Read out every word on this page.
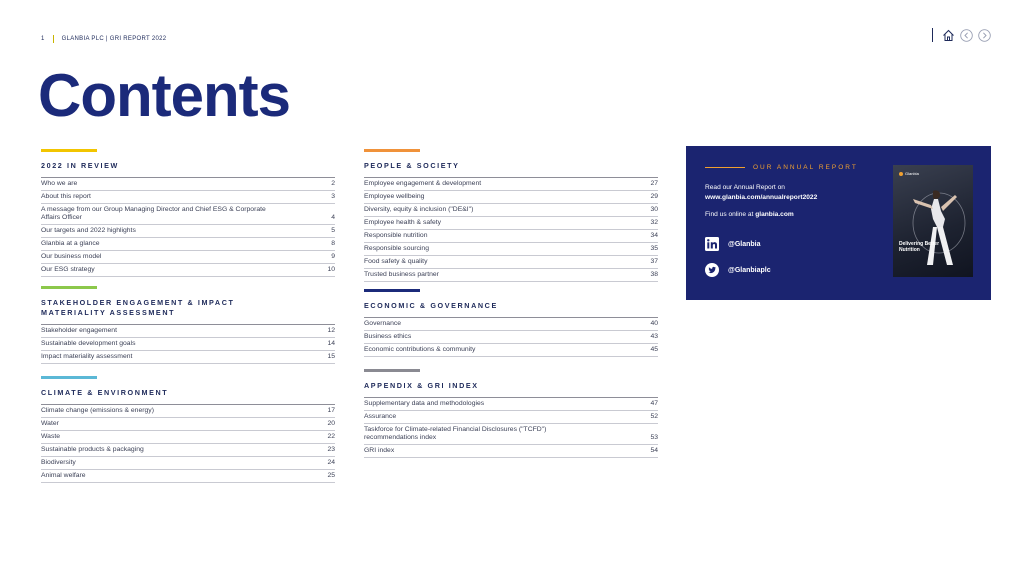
1	GLANBIA PLC | GRI REPORT 2022
Contents
2022 IN REVIEW
Who we are	2
About this report	3
A message from our Group Managing Director and Chief ESG & Corporate Affairs Officer	4
Our targets and 2022 highlights	5
Glanbia at a glance	8
Our business model	9
Our ESG strategy	10
STAKEHOLDER ENGAGEMENT & IMPACT MATERIALITY ASSESSMENT
Stakeholder engagement	12
Sustainable development goals	14
Impact materiality assessment	15
CLIMATE & ENVIRONMENT
Climate change (emissions & energy)	17
Water	20
Waste	22
Sustainable products & packaging	23
Biodiversity	24
Animal welfare	25
PEOPLE & SOCIETY
Employee engagement & development	27
Employee wellbeing	29
Diversity, equity & inclusion ("DE&I")	30
Employee health & safety	32
Responsible nutrition	34
Responsible sourcing	35
Food safety & quality	37
Trusted business partner	38
ECONOMIC & GOVERNANCE
Governance	40
Business ethics	43
Economic contributions & community	45
APPENDIX & GRI INDEX
Supplementary data and methodologies	47
Assurance	52
Taskforce for Climate-related Financial Disclosures ("TCFD") recommendations index	53
GRI index	54
OUR ANNUAL REPORT
Read our Annual Report on
www.glanbia.com/annualreport2022
Find us online at glanbia.com
@Glanbia
@Glanbiaplc
Glanbia
Delivering Better Nutrition
